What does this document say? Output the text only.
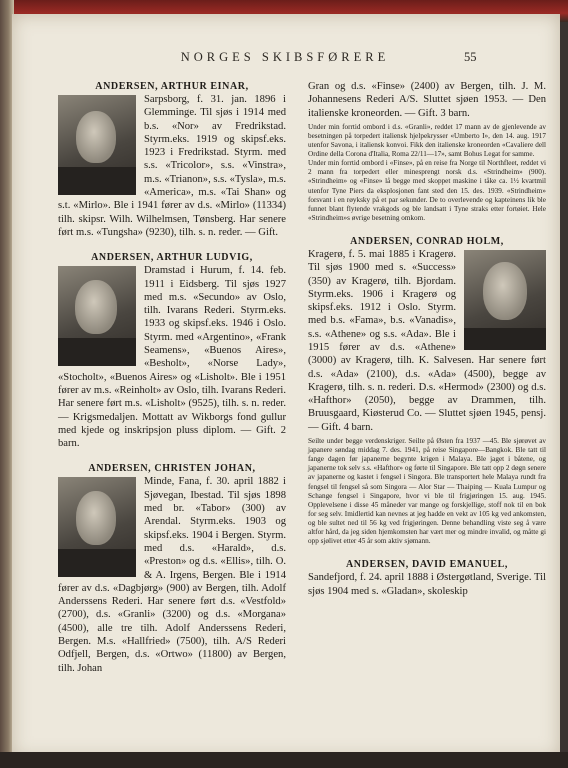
NORGES SKIBSFØRERE	55

ANDERSEN, ARTHUR EINAR,

Sarpsborg, f. 31. jan. 1896 i Glemminge. Til sjøs i 1914 med b.s. «Nor» av Fredrikstad. Styrm.eks. 1919 og skipsf.eks. 1923 i Fredrikstad. Styrm. med s.s. «Tricolor», s.s. «Vinstra», m.s. «Trianon», s.s. «Tysla», m.s. «America», m.s. «Tai Shan» og s.t. «Mirlo». Ble i 1941 fører av d.s. «Mirlo» (11334) tilh. skipsr. Wilh. Wilhelmsen, Tønsberg. Har senere ført m.s. «Tungsha» (9230), tilh. s. n. reder. — Gift.

ANDERSEN, ARTHUR LUDVIG,

Dramstad i Hurum, f. 14. feb. 1911 i Eidsberg. Til sjøs 1927 med m.s. «Secundo» av Oslo, tilh. Ivarans Rederi. Styrm.eks. 1933 og skipsf.eks. 1946 i Oslo. Styrm. med «Argentino», «Frank Seamens», «Buenos Aires», «Besholt», «Norse Lady», «Stocholt», «Buenos Aires» og «Lisholt». Ble i 1951 fører av m.s. «Reinholt» av Oslo, tilh. Ivarans Rederi. Har senere ført m.s. «Lisholt» (9525), tilh. s. n. reder. — Krigsmedaljen. Mottatt av Wikborgs fond gullur med kjede og inskripsjon pluss diplom. — Gift. 2 barn.

ANDERSEN, CHRISTEN JOHAN,

Minde, Fana, f. 30. april 1882 i Sjøvegan, Ibestad. Til sjøs 1898 med br. «Tabor» (300) av Arendal. Styrm.eks. 1903 og skipsf.eks. 1904 i Bergen. Styrm. med d.s. «Harald», d.s. «Preston» og d.s. «Ellis», tilh. O. & A. Irgens, Bergen. Ble i 1914 fører av d.s. «Dagbjørg» (900) av Bergen, tilh. Adolf Anderssens Rederi. Har senere ført d.s. «Vestfold» (2700), d.s. «Granli» (3200) og d.s. «Morgana» (4500), alle tre tilh. Adolf Anderssens Rederi, Bergen. M.s. «Hallfried» (7500), tilh. A/S Rederi Odfjell, Bergen, d.s. «Ortwo» (11800) av Bergen, tilh. Johan

Gran og d.s. «Finse» (2400) av Bergen, tilh. J. M. Johannesens Rederi A/S. Sluttet sjøen 1953. — Den italienske kroneorden. — Gift. 3 barn.

Under min forrtid ombord i d.s. «Granli», reddet 17 mann av de gjenlevende av besetningen på torpedert italiensk hjelpekrysser «Umberto I», den 14. aug. 1917 utenfor Savona, i italiensk konvoi. Fikk den italienske kroneorden «Cavaliere dell Ordine della Corona d'Italia, Roma 22/11—17», samt Bohus Legat for samme.

Under min forrtid ombord i «Finse», på en reise fra Norge til Northfleet, reddet vi 2 mann fra torpedert eller minesprengt norsk d.s. «Strindheim» (900). «Strindheim» og «Finse» lå begge med skoppet maskine i tåke ca. 1½ kvartmil utenfor Tyne Piers da eksplosjonen fant sted den 15. des. 1939. «Strindheim» forsvant i en røyksky på et par sekunder. De to overlevende og kapteinens lik ble funnet blant flytende vrakgods og ble landsatt i Tyne straks etter fortøiet. Hele «Strindheim»s øvrige besetning omkom.

ANDERSEN, CONRAD HOLM,

Kragerø, f. 5. mai 1885 i Kragerø. Til sjøs 1900 med s. «Success» (350) av Kragerø, tilh. Bjordam. Styrm.eks. 1906 i Kragerø og skipsf.eks. 1912 i Oslo. Styrm. med b.s. «Fama», b.s. «Vanadis», s.s. «Athene» og s.s. «Ada». Ble i 1915 fører av d.s. «Athene» (3000) av Kragerø, tilh. K. Salvesen. Har senere ført d.s. «Ada» (2100), d.s. «Ada» (4500), begge av Kragerø, tilh. s. n. rederi. D.s. «Hermod» (2300) og d.s. «Hafthor» (2050), begge av Drammen, tilh. Bruusgaard, Kiøsterud Co. — Sluttet sjøen 1945, pensj. — Gift. 4 barn.

Seilte under begge verdenskriger. Seilte på Østen fra 1937 —45. Ble sjørøvet av japanere søndag middag 7. des. 1941, på reise Singapore—Bangkok. Ble tatt til fange dagen før japanerne begynte krigen i Malaya. Ble jaget i båtene, og japanerne tok selv s.s. «Hafthor» og førte til Singapore. Ble tatt opp 2 døgn senere av japanerne og kastet i fengsel i Singora. Ble transportert hele Malaya rundt fra fengsel til fengsel så som Singora — Alor Star — Thaiping — Kuala Lumpur og Schange fengsel i Singapore, hvor vi ble til frigjøringen 15. aug. 1945. Opplevelsene i disse 45 måneder var mange og forskjellige, stoff nok til en bok for seg selv. Imidlertid kan nevnes at jeg hadde en vekt av 105 kg ved ankomsten, og ble sultet ned til 56 kg ved frigjøringen. Denne behandling viste seg å være altfor hård, da jeg siden hjemkomsten har vært mer og mindre invalid, og måtte gi opp sjølivet etter 45 år som aktiv sjømann.

ANDERSEN, DAVID EMANUEL,

Sandefjord, f. 24. april 1888 i Østergøtland, Sverige. Til sjøs 1904 med s. «Gladan», skoleskip
